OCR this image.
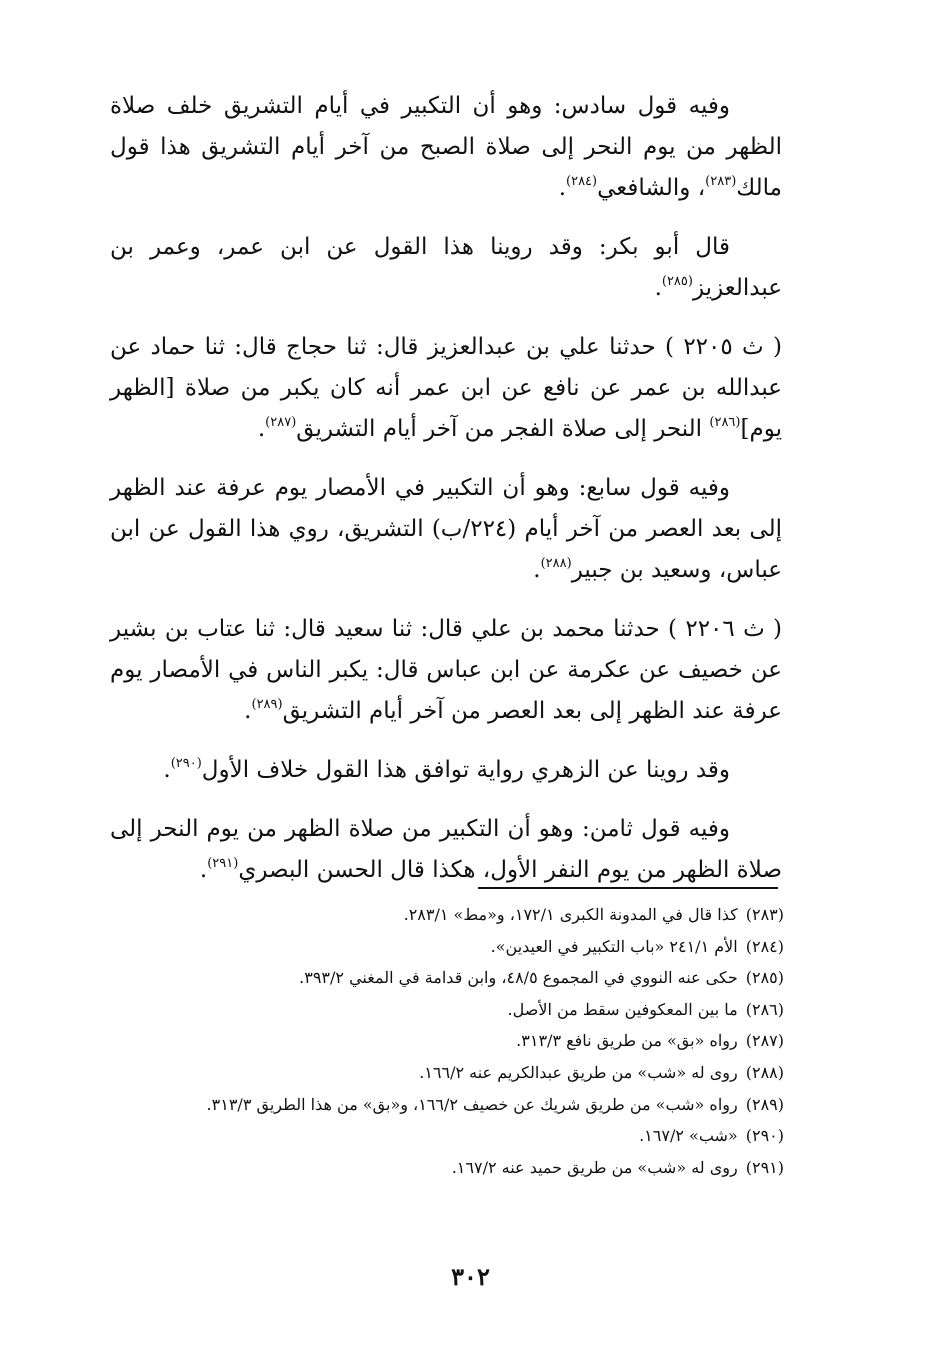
وفيه قول سادس: وهو أن التكبير في أيام التشريق خلف صلاة الظهر من يوم النحر إلى صلاة الصبح من آخر أيام التشريق هذا قول مالك$^{(٢٨٣)}$، والشافعي$^{(٢٨٤)}$.

قال أبو بكر: وقد روينا هذا القول عن ابن عمر، وعمر بن عبدالعزيز$^{(٢٨٥)}$.

( ث ٢٢٠٥ ) حدثنا علي بن عبدالعزيز قال: ثنا حجاج قال: ثنا حماد عن عبدالله بن عمر عن نافع عن ابن عمر أنه كان يكبر من صلاة [الظهر يوم]$^{(٢٨٦)}$ النحر إلى صلاة الفجر من آخر أيام التشريق$^{(٢٨٧)}$.

وفيه قول سابع: وهو أن التكبير في الأمصار يوم عرفة عند الظهر إلى بعد العصر من آخر أيام (٢٢٤/ب) التشريق، روي هذا القول عن ابن عباس، وسعيد بن جبير$^{(٢٨٨)}$.

( ث ٢٢٠٦ ) حدثنا محمد بن علي قال: ثنا سعيد قال: ثنا عتاب بن بشير عن خصيف عن عكرمة عن ابن عباس قال: يكبر الناس في الأمصار يوم عرفة عند الظهر إلى بعد العصر من آخر أيام التشريق$^{(٢٨٩)}$.

وقد روينا عن الزهري رواية توافق هذا القول خلاف الأول$^{(٢٩٠)}$.

وفيه قول ثامن: وهو أن التكبير من صلاة الظهر من يوم النحر إلى صلاة الظهر من يوم النفر الأول، هكذا قال الحسن البصري$^{(٢٩١)}$.

(٢٨٣)كذا قال في المدونة الكبرى ١٧٢/١، و«مط» ٢٨٣/١.

(٢٨٤)الأم ٢٤١/١ «باب التكبير في العيدين».

(٢٨٥)حكى عنه النووي في المجموع ٤٨/٥، وابن قدامة في المغني ٣٩٣/٢.

(٢٨٦)ما بين المعكوفين سقط من الأصل.

(٢٨٧)رواه «بق» من طريق نافع ٣١٣/٣.

(٢٨٨)روى له «شب» من طريق عبدالكريم عنه ١٦٦/٢.

(٢٨٩)رواه «شب» من طريق شريك عن خصيف ١٦٦/٢، و«بق» من هذا الطريق ٣١٣/٣.

(٢٩٠)«شب» ١٦٧/٢.

(٢٩١)روى له «شب» من طريق حميد عنه ١٦٧/٢.

٣٠٢
